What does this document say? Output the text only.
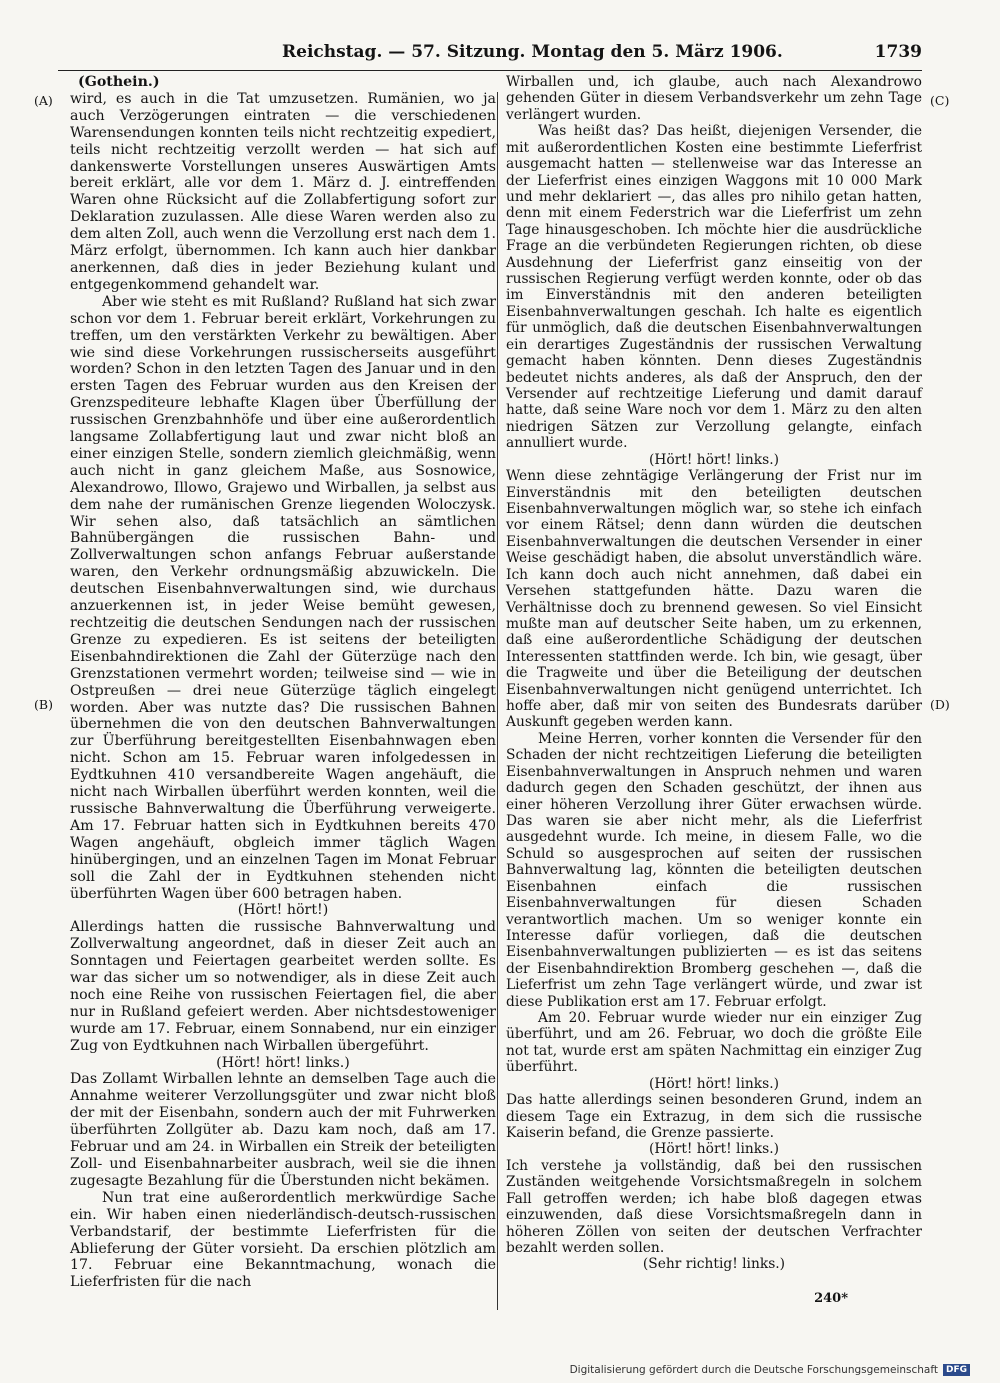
Reichstag. — 57. Sitzung. Montag den 5. März 1906.	1739
(A)
(B)
(C)
(D)

(Gothein.)

wird, es auch in die Tat umzusetzen. Rumänien, wo ja auch Verzögerungen eintraten — die verschiedenen Warensendungen konnten teils nicht rechtzeitig expediert, teils nicht rechtzeitig verzollt werden — hat sich auf dankenswerte Vorstellungen unseres Auswärtigen Amts bereit erklärt, alle vor dem 1. März d. J. eintreffenden Waren ohne Rücksicht auf die Zollabfertigung sofort zur Deklaration zuzulassen. Alle diese Waren werden also zu dem alten Zoll, auch wenn die Verzollung erst nach dem 1. März erfolgt, übernommen. Ich kann auch hier dankbar anerkennen, daß dies in jeder Beziehung kulant und entgegenkommend gehandelt war.

Aber wie steht es mit Rußland? Rußland hat sich zwar schon vor dem 1. Februar bereit erklärt, Vorkehrungen zu treffen, um den verstärkten Verkehr zu bewältigen. Aber wie sind diese Vorkehrungen russischerseits ausgeführt worden? Schon in den letzten Tagen des Januar und in den ersten Tagen des Februar wurden aus den Kreisen der Grenzspediteure lebhafte Klagen über Überfüllung der russischen Grenzbahnhöfe und über eine außerordentlich langsame Zollabfertigung laut und zwar nicht bloß an einer einzigen Stelle, sondern ziemlich gleichmäßig, wenn auch nicht in ganz gleichem Maße, aus Sosnowice, Alexandrowo, Illowo, Grajewo und Wirballen, ja selbst aus dem nahe der rumänischen Grenze liegenden Woloczysk. Wir sehen also, daß tatsächlich an sämtlichen Bahnübergängen die russischen Bahn- und Zollverwaltungen schon anfangs Februar außerstande waren, den Verkehr ordnungsmäßig abzuwickeln. Die deutschen Eisenbahnverwaltungen sind, wie durchaus anzuerkennen ist, in jeder Weise bemüht gewesen, rechtzeitig die deutschen Sendungen nach der russischen Grenze zu expedieren. Es ist seitens der beteiligten Eisenbahndirektionen die Zahl der Güterzüge nach den Grenzstationen vermehrt worden; teilweise sind — wie in Ostpreußen — drei neue Güterzüge täglich eingelegt worden. Aber was nutzte das? Die russischen Bahnen übernehmen die von den deutschen Bahnverwaltungen zur Überführung bereitgestellten Eisenbahnwagen eben nicht. Schon am 15. Februar waren infolgedessen in Eydtkuhnen 410 versandbereite Wagen angehäuft, die nicht nach Wirballen überführt werden konnten, weil die russische Bahnverwaltung die Überführung verweigerte. Am 17. Februar hatten sich in Eydtkuhnen bereits 470 Wagen angehäuft, obgleich immer täglich Wagen hinübergingen, und an einzelnen Tagen im Monat Februar soll die Zahl der in Eydtkuhnen stehenden nicht überführten Wagen über 600 betragen haben.

(Hört! hört!)

Allerdings hatten die russische Bahnverwaltung und Zollverwaltung angeordnet, daß in dieser Zeit auch an Sonntagen und Feiertagen gearbeitet werden sollte. Es war das sicher um so notwendiger, als in diese Zeit auch noch eine Reihe von russischen Feiertagen fiel, die aber nur in Rußland gefeiert werden. Aber nichtsdestoweniger wurde am 17. Februar, einem Sonnabend, nur ein einziger Zug von Eydtkuhnen nach Wirballen übergeführt.

(Hört! hört! links.)

Das Zollamt Wirballen lehnte an demselben Tage auch die Annahme weiterer Verzollungsgüter und zwar nicht bloß der mit der Eisenbahn, sondern auch der mit Fuhrwerken überführten Zollgüter ab. Dazu kam noch, daß am 17. Februar und am 24. in Wirballen ein Streik der beteiligten Zoll- und Eisenbahnarbeiter ausbrach, weil sie die ihnen zugesagte Bezahlung für die Überstunden nicht bekämen.

Nun trat eine außerordentlich merkwürdige Sache ein. Wir haben einen niederländisch-deutsch-russischen Verbandstarif, der bestimmte Lieferfristen für die Ablieferung der Güter vorsieht. Da erschien plötzlich am 17. Februar eine Bekanntmachung, wonach die Lieferfristen für die nach

Wirballen und, ich glaube, auch nach Alexandrowo gehenden Güter in diesem Verbandsverkehr um zehn Tage verlängert wurden.

Was heißt das? Das heißt, diejenigen Versender, die mit außerordentlichen Kosten eine bestimmte Lieferfrist ausgemacht hatten — stellenweise war das Interesse an der Lieferfrist eines einzigen Waggons mit 10 000 Mark und mehr deklariert —, das alles pro nihilo getan hatten, denn mit einem Federstrich war die Lieferfrist um zehn Tage hinausgeschoben. Ich möchte hier die ausdrückliche Frage an die verbündeten Regierungen richten, ob diese Ausdehnung der Lieferfrist ganz einseitig von der russischen Regierung verfügt werden konnte, oder ob das im Einverständnis mit den anderen beteiligten Eisenbahnverwaltungen geschah. Ich halte es eigentlich für unmöglich, daß die deutschen Eisenbahnverwaltungen ein derartiges Zugeständnis der russischen Verwaltung gemacht haben könnten. Denn dieses Zugeständnis bedeutet nichts anderes, als daß der Anspruch, den der Versender auf rechtzeitige Lieferung und damit darauf hatte, daß seine Ware noch vor dem 1. März zu den alten niedrigen Sätzen zur Verzollung gelangte, einfach annulliert wurde.

(Hört! hört! links.)

Wenn diese zehntägige Verlängerung der Frist nur im Einverständnis mit den beteiligten deutschen Eisenbahnverwaltungen möglich war, so stehe ich einfach vor einem Rätsel; denn dann würden die deutschen Eisenbahnverwaltungen die deutschen Versender in einer Weise geschädigt haben, die absolut unverständlich wäre. Ich kann doch auch nicht annehmen, daß dabei ein Versehen stattgefunden hätte. Dazu waren die Verhältnisse doch zu brennend gewesen. So viel Einsicht mußte man auf deutscher Seite haben, um zu erkennen, daß eine außerordentliche Schädigung der deutschen Interessenten stattfinden werde. Ich bin, wie gesagt, über die Tragweite und über die Beteiligung der deutschen Eisenbahnverwaltungen nicht genügend unterrichtet. Ich hoffe aber, daß mir von seiten des Bundesrats darüber Auskunft gegeben werden kann.

Meine Herren, vorher konnten die Versender für den Schaden der nicht rechtzeitigen Lieferung die beteiligten Eisenbahnverwaltungen in Anspruch nehmen und waren dadurch gegen den Schaden geschützt, der ihnen aus einer höheren Verzollung ihrer Güter erwachsen würde. Das waren sie aber nicht mehr, als die Lieferfrist ausgedehnt wurde. Ich meine, in diesem Falle, wo die Schuld so ausgesprochen auf seiten der russischen Bahnverwaltung lag, könnten die beteiligten deutschen Eisenbahnen einfach die russischen Eisenbahnverwaltungen für diesen Schaden verantwortlich machen. Um so weniger konnte ein Interesse dafür vorliegen, daß die deutschen Eisenbahnverwaltungen publizierten — es ist das seitens der Eisenbahndirektion Bromberg geschehen —, daß die Lieferfrist um zehn Tage verlängert würde, und zwar ist diese Publikation erst am 17. Februar erfolgt.

Am 20. Februar wurde wieder nur ein einziger Zug überführt, und am 26. Februar, wo doch die größte Eile not tat, wurde erst am späten Nachmittag ein einziger Zug überführt.

(Hört! hört! links.)

Das hatte allerdings seinen besonderen Grund, indem an diesem Tage ein Extrazug, in dem sich die russische Kaiserin befand, die Grenze passierte.

(Hört! hört! links.)

Ich verstehe ja vollständig, daß bei den russischen Zuständen weitgehende Vorsichtsmaßregeln in solchem Fall getroffen werden; ich habe bloß dagegen etwas einzuwenden, daß diese Vorsichtsmaßregeln dann in höheren Zöllen von seiten der deutschen Verfrachter bezahlt werden sollen.

(Sehr richtig! links.)

240*

Digitalisierung gefördert durch die Deutsche Forschungsgemeinschaft DFG
